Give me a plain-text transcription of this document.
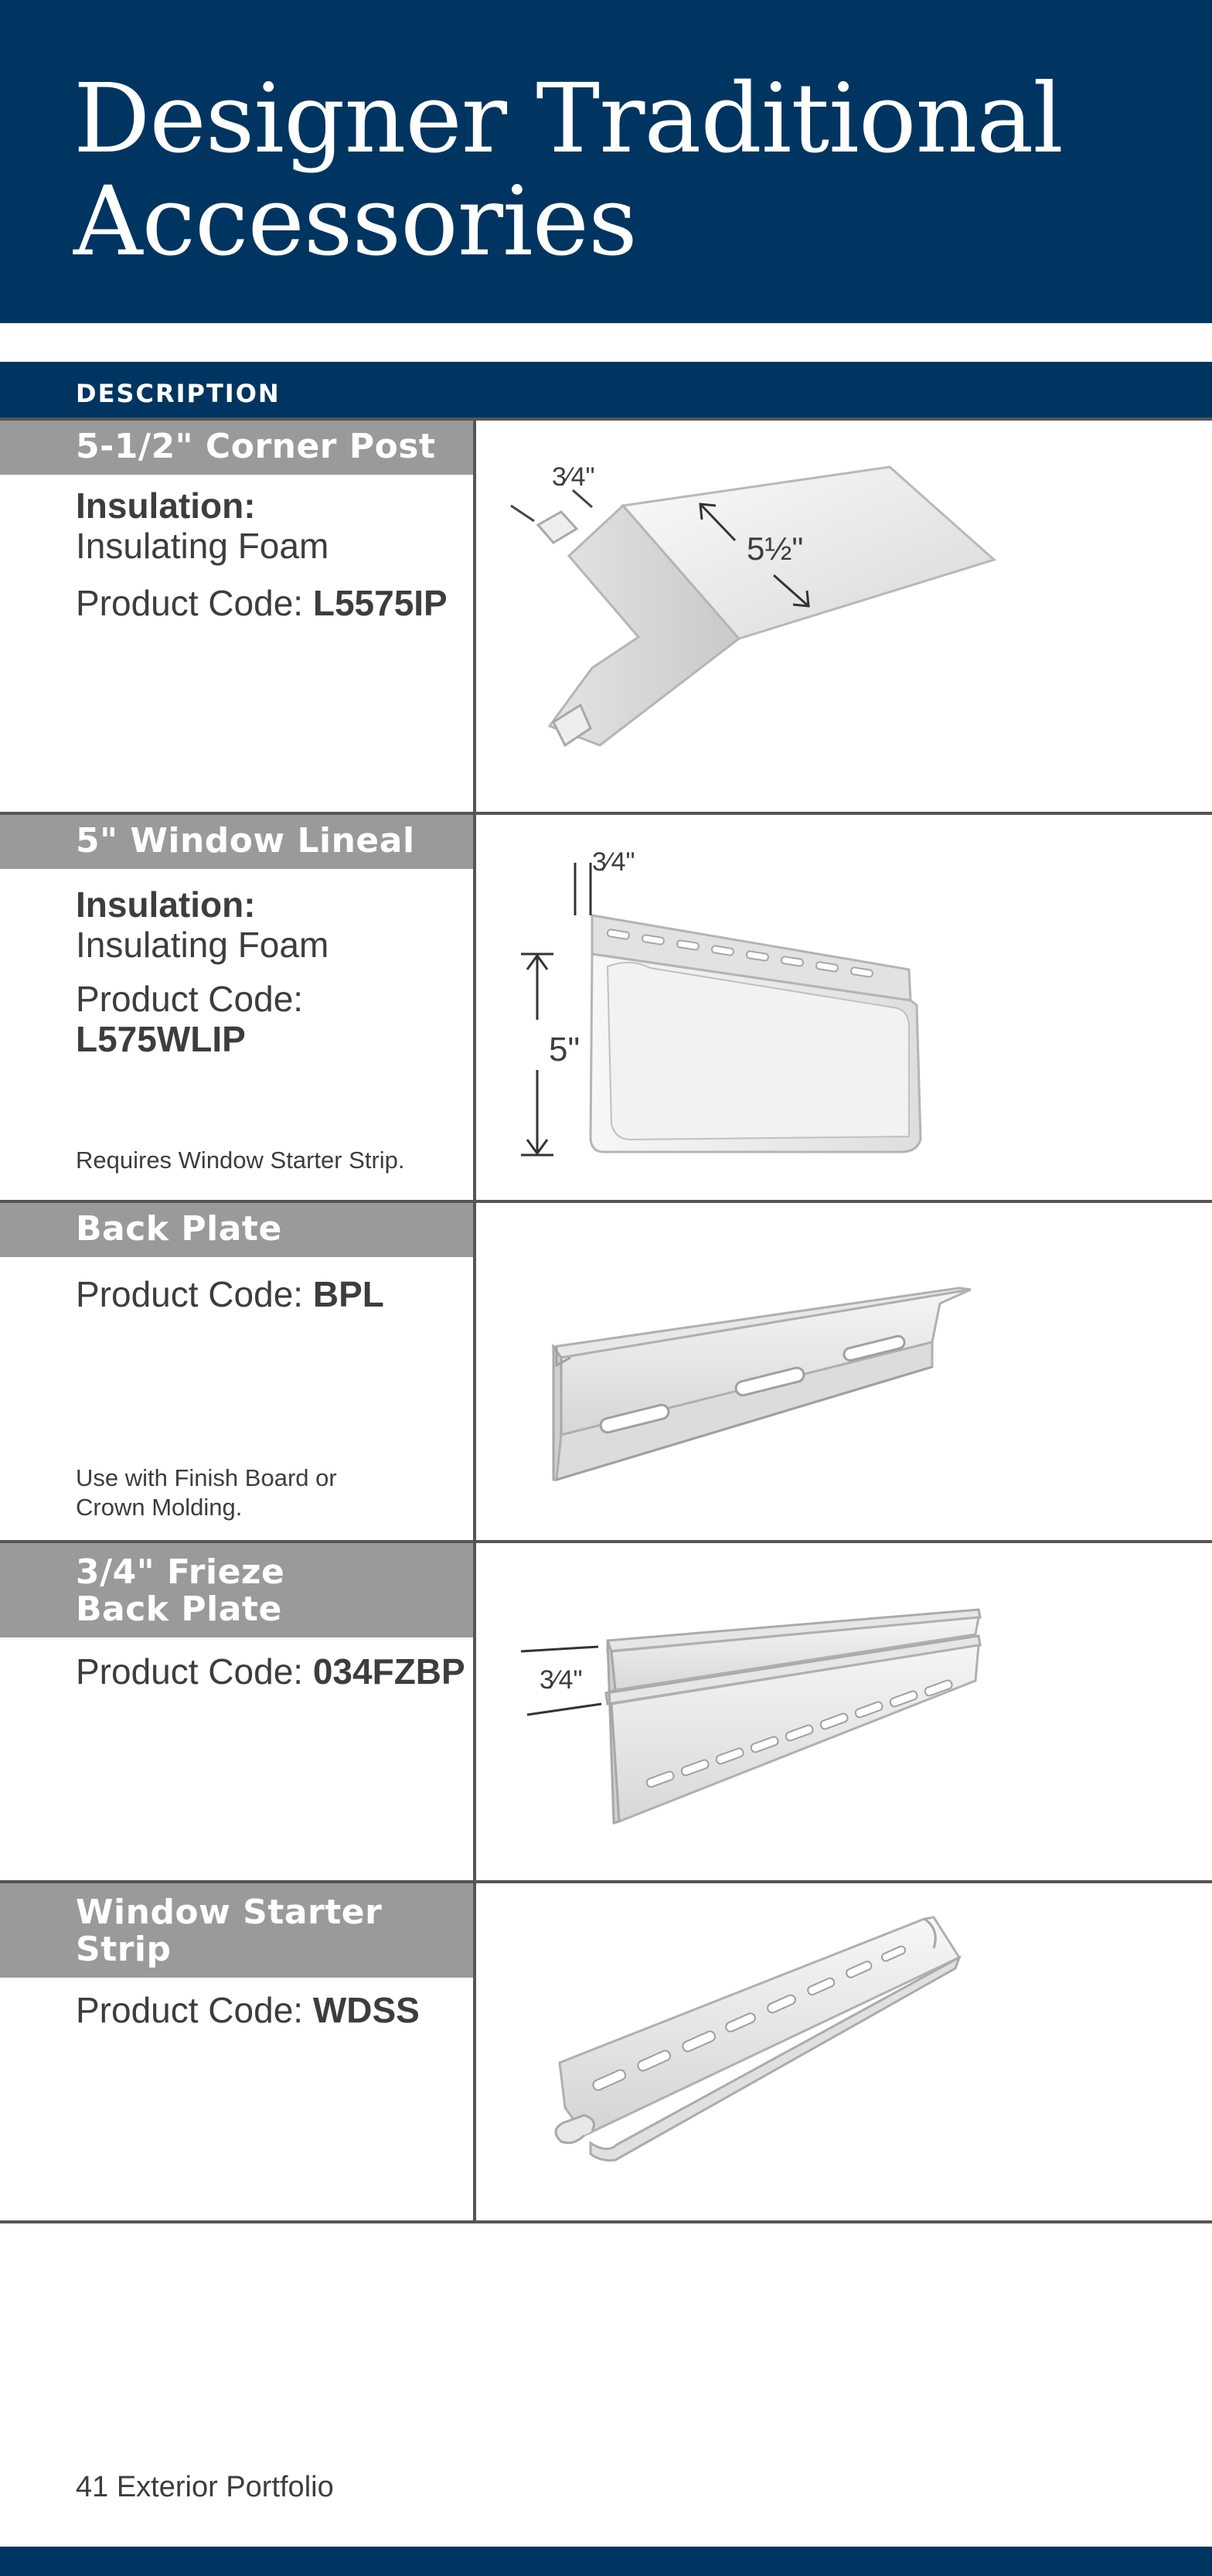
Designer Traditional
Accessories
DESCRIPTION
5-1/2" Corner Post
Insulation:
Insulating Foam
Product Code: L5575IP
3⁄4"
5½"
5" Window Lineal
Insulation:
Insulating Foam
Product Code:
L575WLIP
Requires Window Starter Strip.
3⁄4"
5"
Back Plate
Product Code: BPL
Use with Finish Board or Crown Molding.
3/4" Frieze
Back Plate
Product Code: 034FZBP	3⁄4"
Window Starter
Strip
Product Code: WDSS
41 Exterior Portfolio
